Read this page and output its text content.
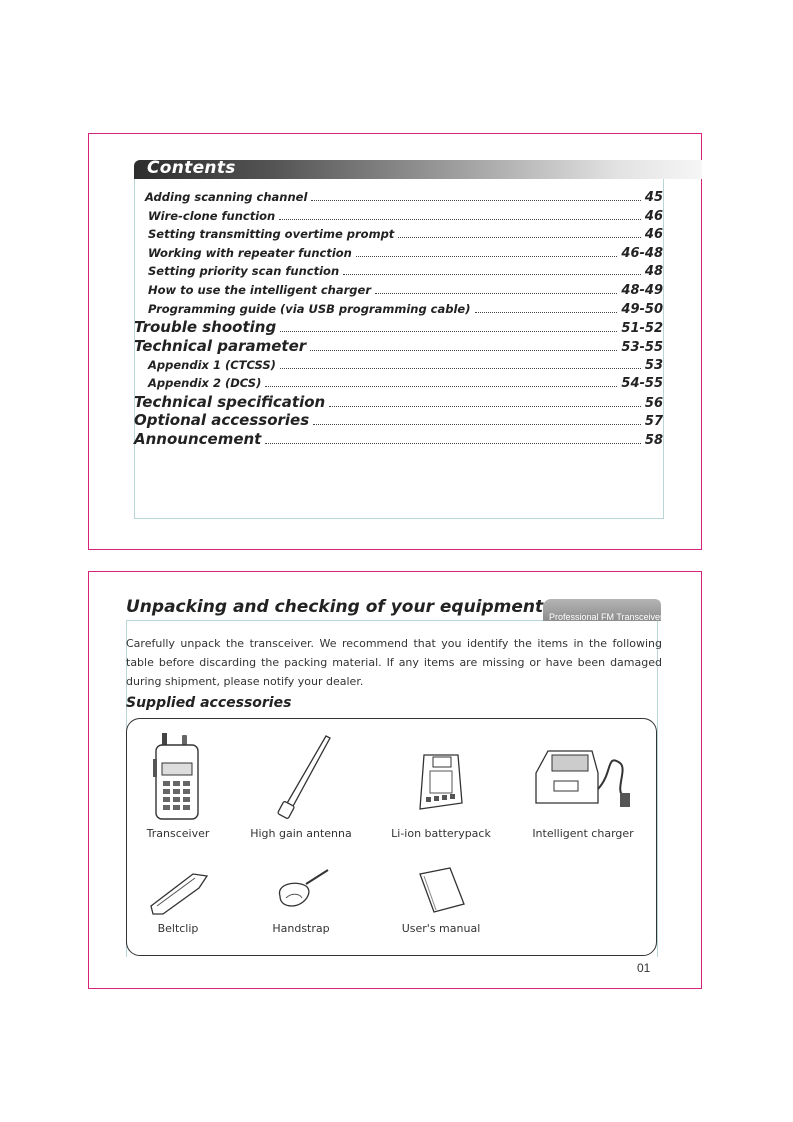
Contents
Adding scanning channel	45
Wire-clone function	46
Setting transmitting overtime prompt	46
Working with repeater function	46-48
Setting priority scan function	48
How to use the intelligent charger	48-49
Programming guide (via USB programming cable)	49-50
Trouble shooting	51-52
Technical parameter	53-55
Appendix 1 (CTCSS)	53
Appendix 2 (DCS)	54-55
Technical specification	56
Optional accessories	57
Announcement	58
Professional FM Transceiver
Unpacking and checking of your equipment
Carefully unpack the transceiver. We recommend that you identify the items in the following table before discarding the packing material. If any items are missing or have been damaged during shipment, please notify your dealer.
Supplied accessories
Transceiver	High gain antenna	Li-ion batterypack	Intelligent charger
Beltclip	Handstrap	User's manual
01
